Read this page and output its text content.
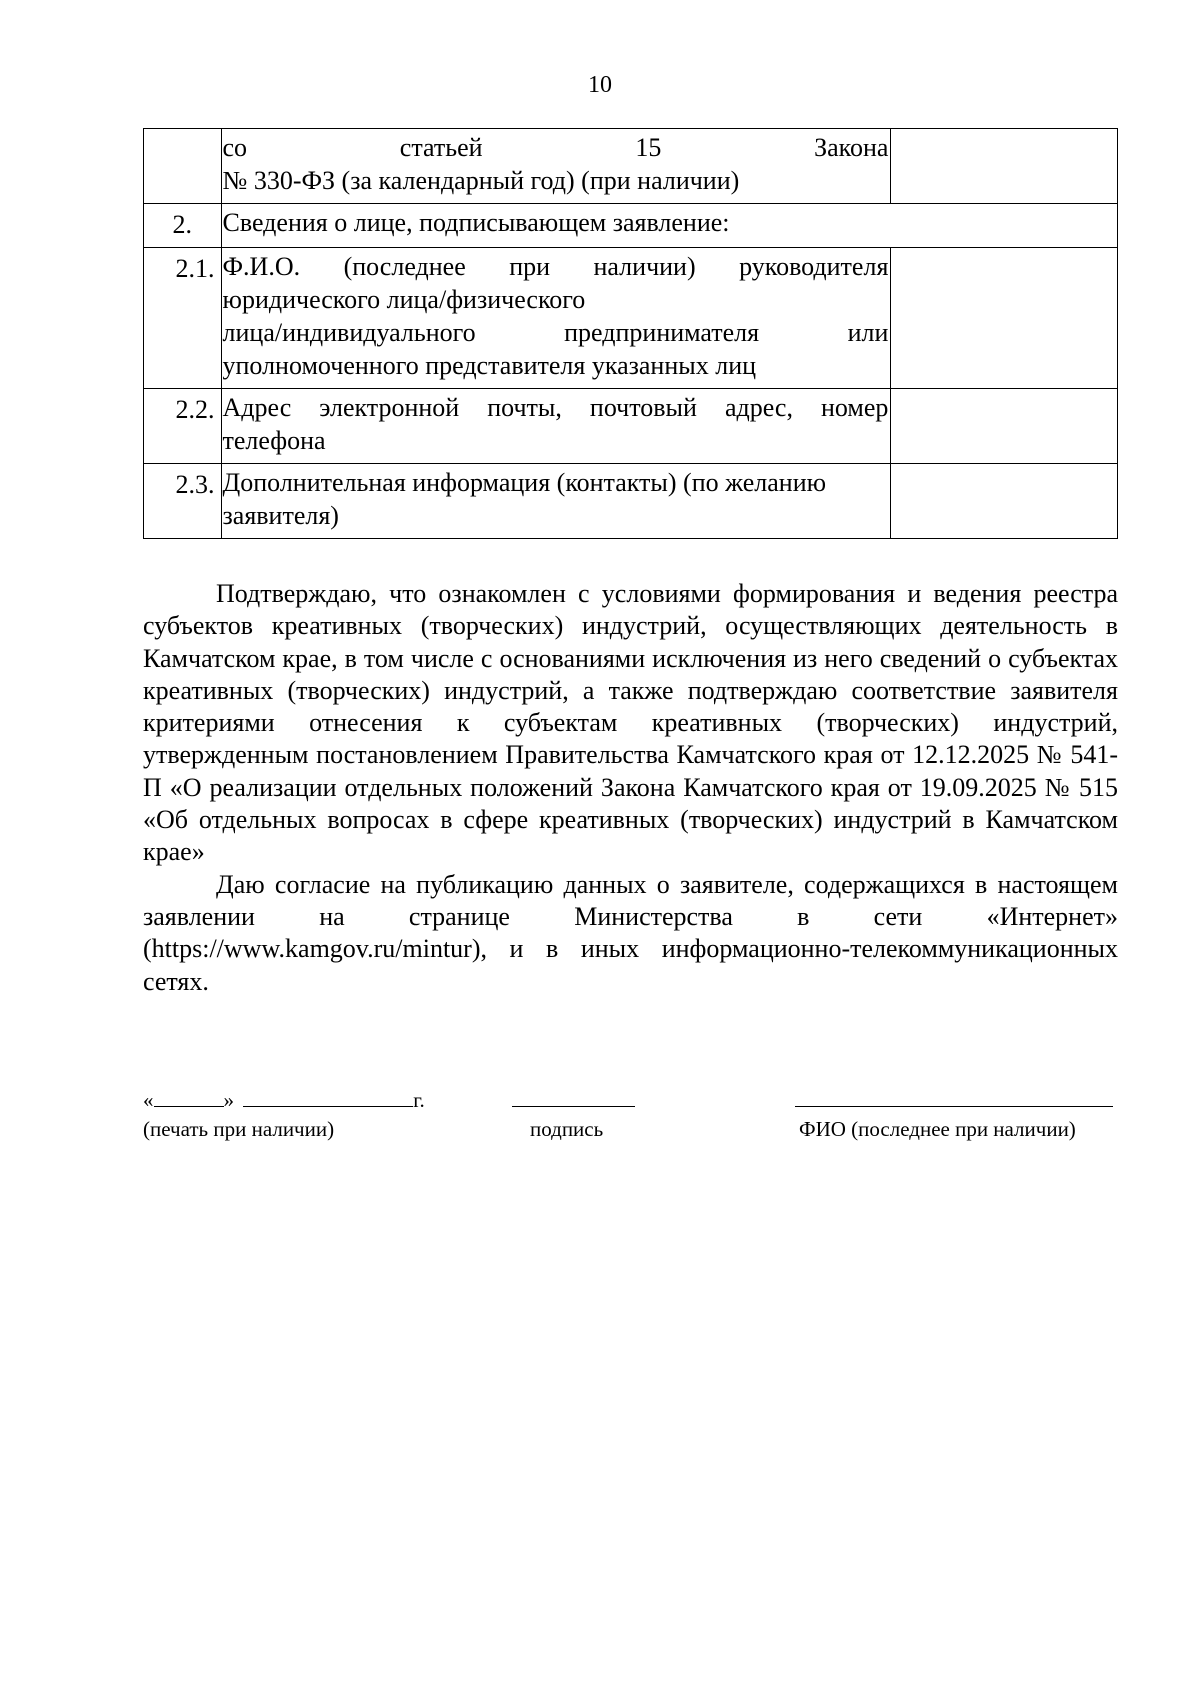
10

	со статьей 15 Закона
№ 330-ФЗ (за календарный год) (при наличии)	

2.	Сведения о лице, подписывающем заявление:	
2.1.	Ф.И.О. (последнее при наличии) руководителя
юридического лица/физического
лица/индивидуального предпринимателя или
уполномоченного представителя указанных лиц	

2.2.	Адрес электронной почты, почтовый адрес, номер телефона	
2.3.	Дополнительная информация (контакты) (по желанию заявителя)	

Подтверждаю, что ознакомлен с условиями формирования и ведения реестра субъектов креативных (творческих) индустрий, осуществляющих деятельность в Камчатском крае, в том числе с основаниями исключения из него сведений о субъектах креативных (творческих) индустрий, а также подтверждаю соответствие заявителя критериями отнесения к субъектам креативных (творческих) индустрий, утвержденным постановлением Правительства Камчатского края от 12.12.2025 № 541-П «О реализации отдельных положений Закона Камчатского края от 19.09.2025 № 515

«Об отдельных вопросах в сфере креативных (творческих) индустрий в Камчатском крае»

Даю согласие на публикацию данных о заявителе, содержащихся в настоящем заявлении на странице Министерства в сети «Интернет» (https://www.kamgov.ru/mintur), и в иных информационно-телекоммуникационных сетях.

«	»	г.
(печать при наличии)	подпись	ФИО (последнее при наличии)
